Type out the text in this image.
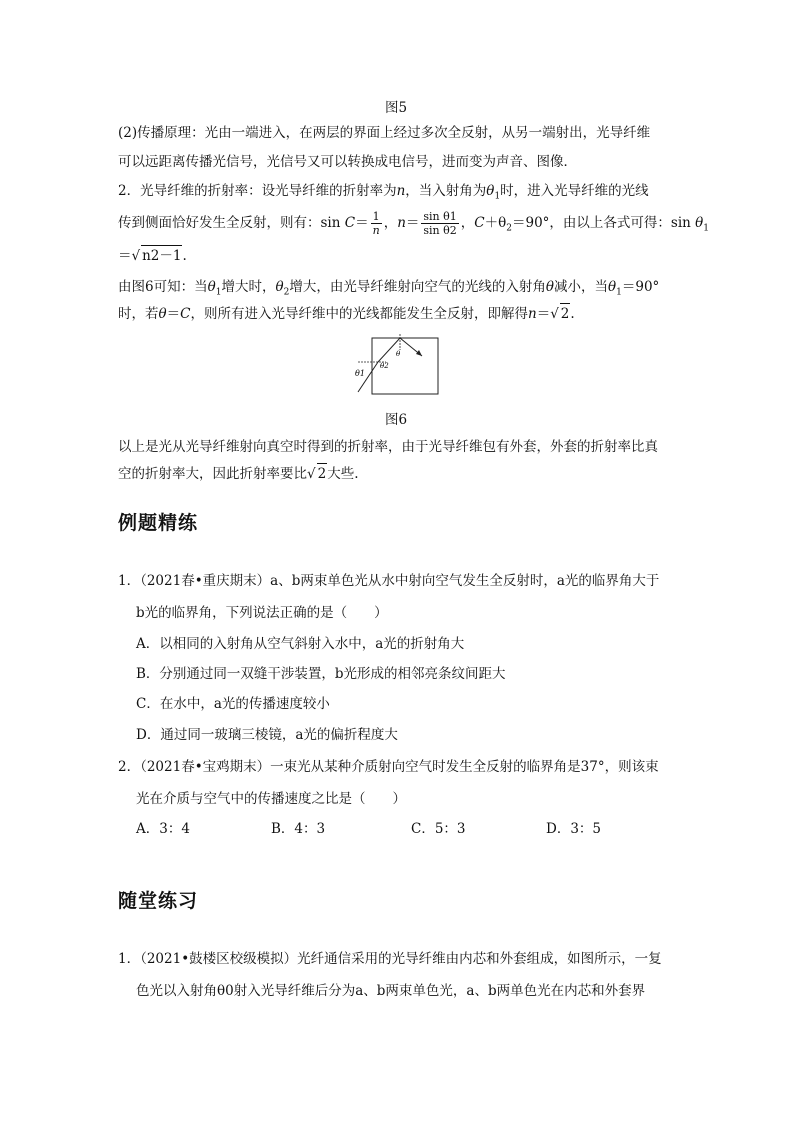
图5
(2)传播原理：光由一端进入，在两层的界面上经过多次全反射，从另一端射出，光导纤维
可以远距离传播光信号，光信号又可以转换成电信号，进而变为声音、图像．
2．光导纤维的折射率：设光导纤维的折射率为n，当入射角为$\theta_1$时，进入光导纤维的光线
传到侧面恰好发生全反射，则有：$\sin C= \frac{1}{n}$ ，$n= \frac{\text{sin θ1}}{\text{sin θ2}}$ ，$C+\theta_2=90^\circ$，由以上各式可得：$\sin \theta_1$
＝√ n2－1.
由图6可知：当$\theta_1$增大时，$\theta_2$增大，由光导纤维射向空气的光线的入射角θ减小，当$\theta_1=90^\circ$
时，若θ＝C，则所有进入光导纤维中的光线都能发生全反射，即解得n＝√ 2.
θ1
θ2
θ
图6
以上是光从光导纤维射向真空时得到的折射率，由于光导纤维包有外套，外套的折射率比真
空的折射率大，因此折射率要比√ 2大些.
例题精练
1．（2021春•重庆期末）a、b两束单色光从水中射向空气发生全反射时，a光的临界角大于
b光的临界角，下列说法正确的是（　　）
A．以相同的入射角从空气斜射入水中，a光的折射角大
B．分别通过同一双缝干涉装置，b光形成的相邻亮条纹间距大
C．在水中，a光的传播速度较小
D．通过同一玻璃三棱镜，a光的偏折程度大
2．（2021春•宝鸡期末）一束光从某种介质射向空气时发生全反射的临界角是37°，则该束
光在介质与空气中的传播速度之比是（　　）
A．3：4	B．4：3	C．5：3	D．3：5
随堂练习
1．（2021•鼓楼区校级模拟）光纤通信采用的光导纤维由内芯和外套组成，如图所示，一复
色光以入射角θ0射入光导纤维后分为a、b两束单色光，a、b两单色光在内芯和外套界
